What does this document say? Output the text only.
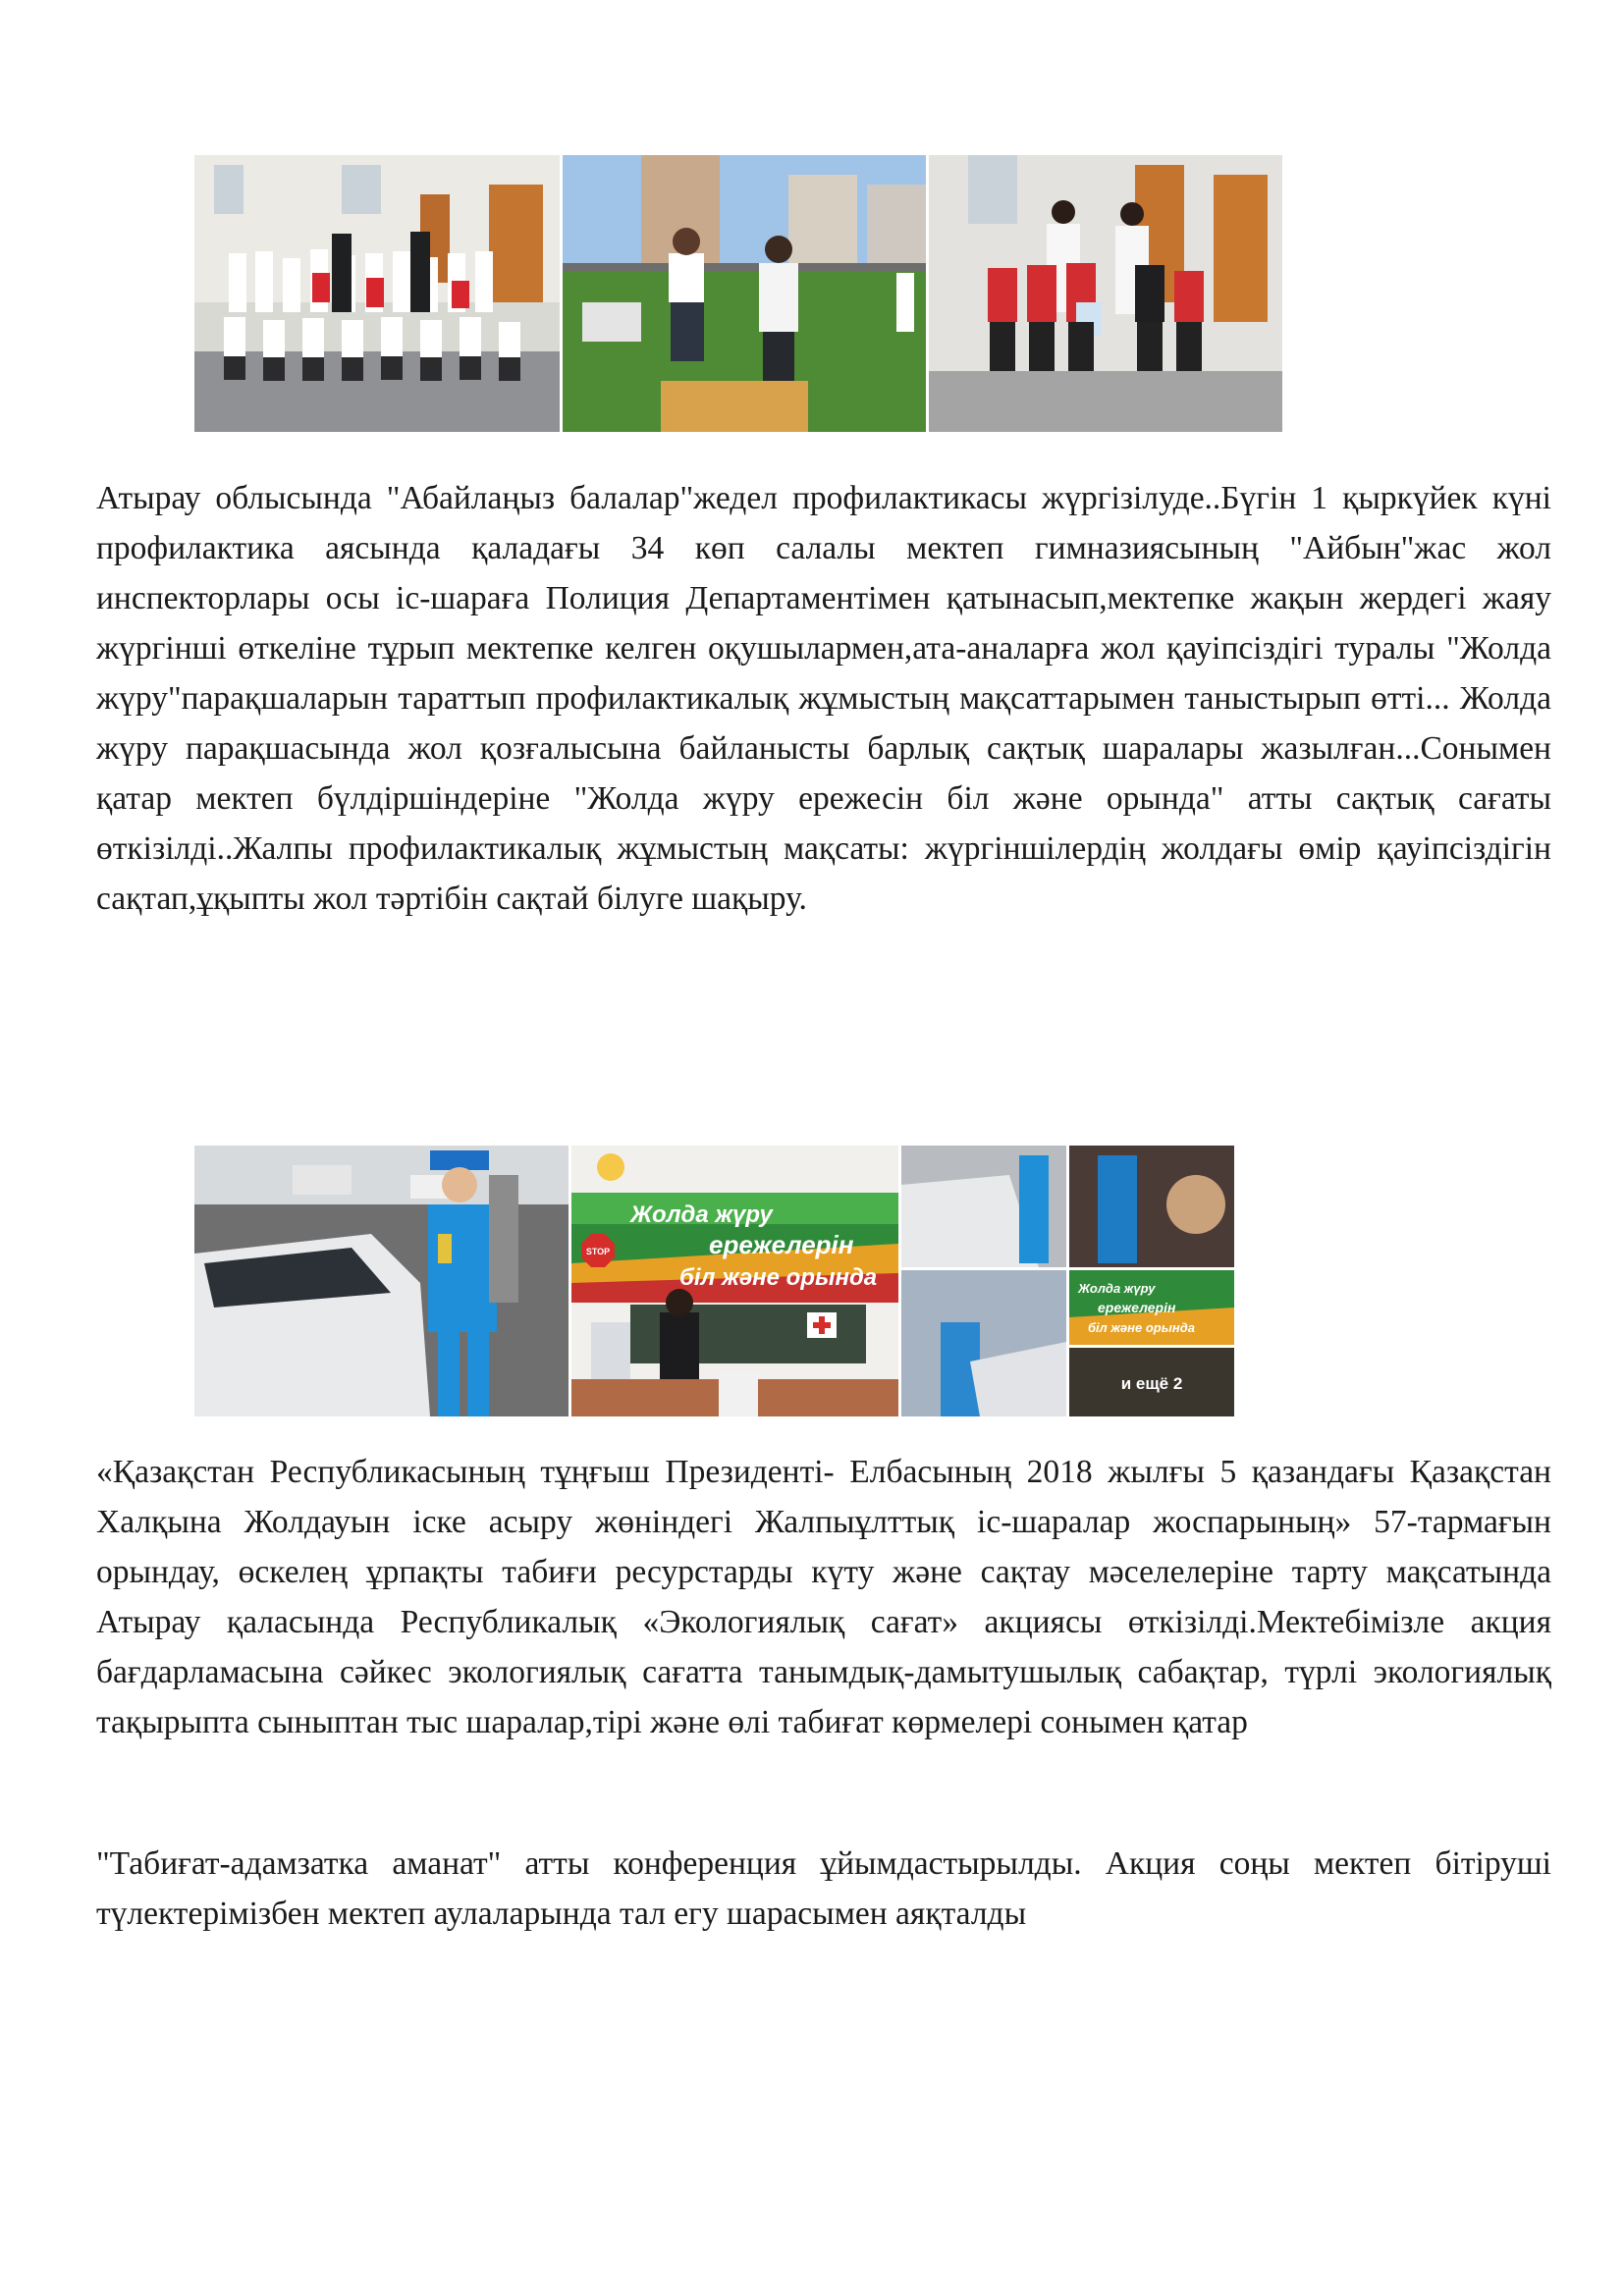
Атырау облысында "Абайлаңыз балалар"жедел профилактикасы жүргізілуде..Бүгін 1 қыркүйек күні профилактика аясында қаладағы 34 көп салалы мектеп гимназиясының "Айбын"жас жол инспекторлары осы іс-шараға Полиция Департаментімен қатынасып,мектепке жақын жердегі жаяу жүргінші өткеліне тұрып мектепке келген оқушылармен,ата-аналарға жол қауіпсіздігі туралы "Жолда жүру"парақшаларын тараттып профилактикалық жұмыстың мақсаттарымен таныстырып өтті... Жолда жүру парақшасында жол қозғалысына байланысты барлық сақтық шаралары жазылған...Сонымен қатар мектеп бүлдіршіндеріне "Жолда жүру ережесін біл және орында" атты сақтық сағаты өткізілді..Жалпы профилактикалық жұмыстың мақсаты: жүргіншілердің жолдағы өмір қауіпсіздігін сақтап,ұқыпты жол тәртібін сақтай білуге шақыру.

STOP
Жолда жүру
ережелерін
біл және орында	Жолда жүру
ережелерін
біл және орында
и ещё 2

«Қазақстан Республикасының тұңғыш Президенті- Елбасының 2018 жылғы 5 қазандағы Қазақстан Халқына Жолдауын іске асыру жөніндегі Жалпыұлттық іс-шаралар жоспарының» 57-тармағын орындау, өскелең ұрпақты табиғи ресурстарды күту және сақтау мәселелеріне тарту мақсатында Атырау қаласында Республикалық «Экологиялық сағат» акциясы өткізілді.Мектебімізле акция бағдарламасына сәйкес экологиялық сағатта танымдық-дамытушылық сабақтар, түрлі экологиялық тақырыпта сыныптан тыс шаралар,тірі және өлі табиғат көрмелері сонымен қатар

"Табиғат-адамзатка аманат" атты конференция ұйымдастырылды. Акция соңы мектеп бітіруші түлектерімізбен мектеп аулаларында тал егу шарасымен аяқталды
